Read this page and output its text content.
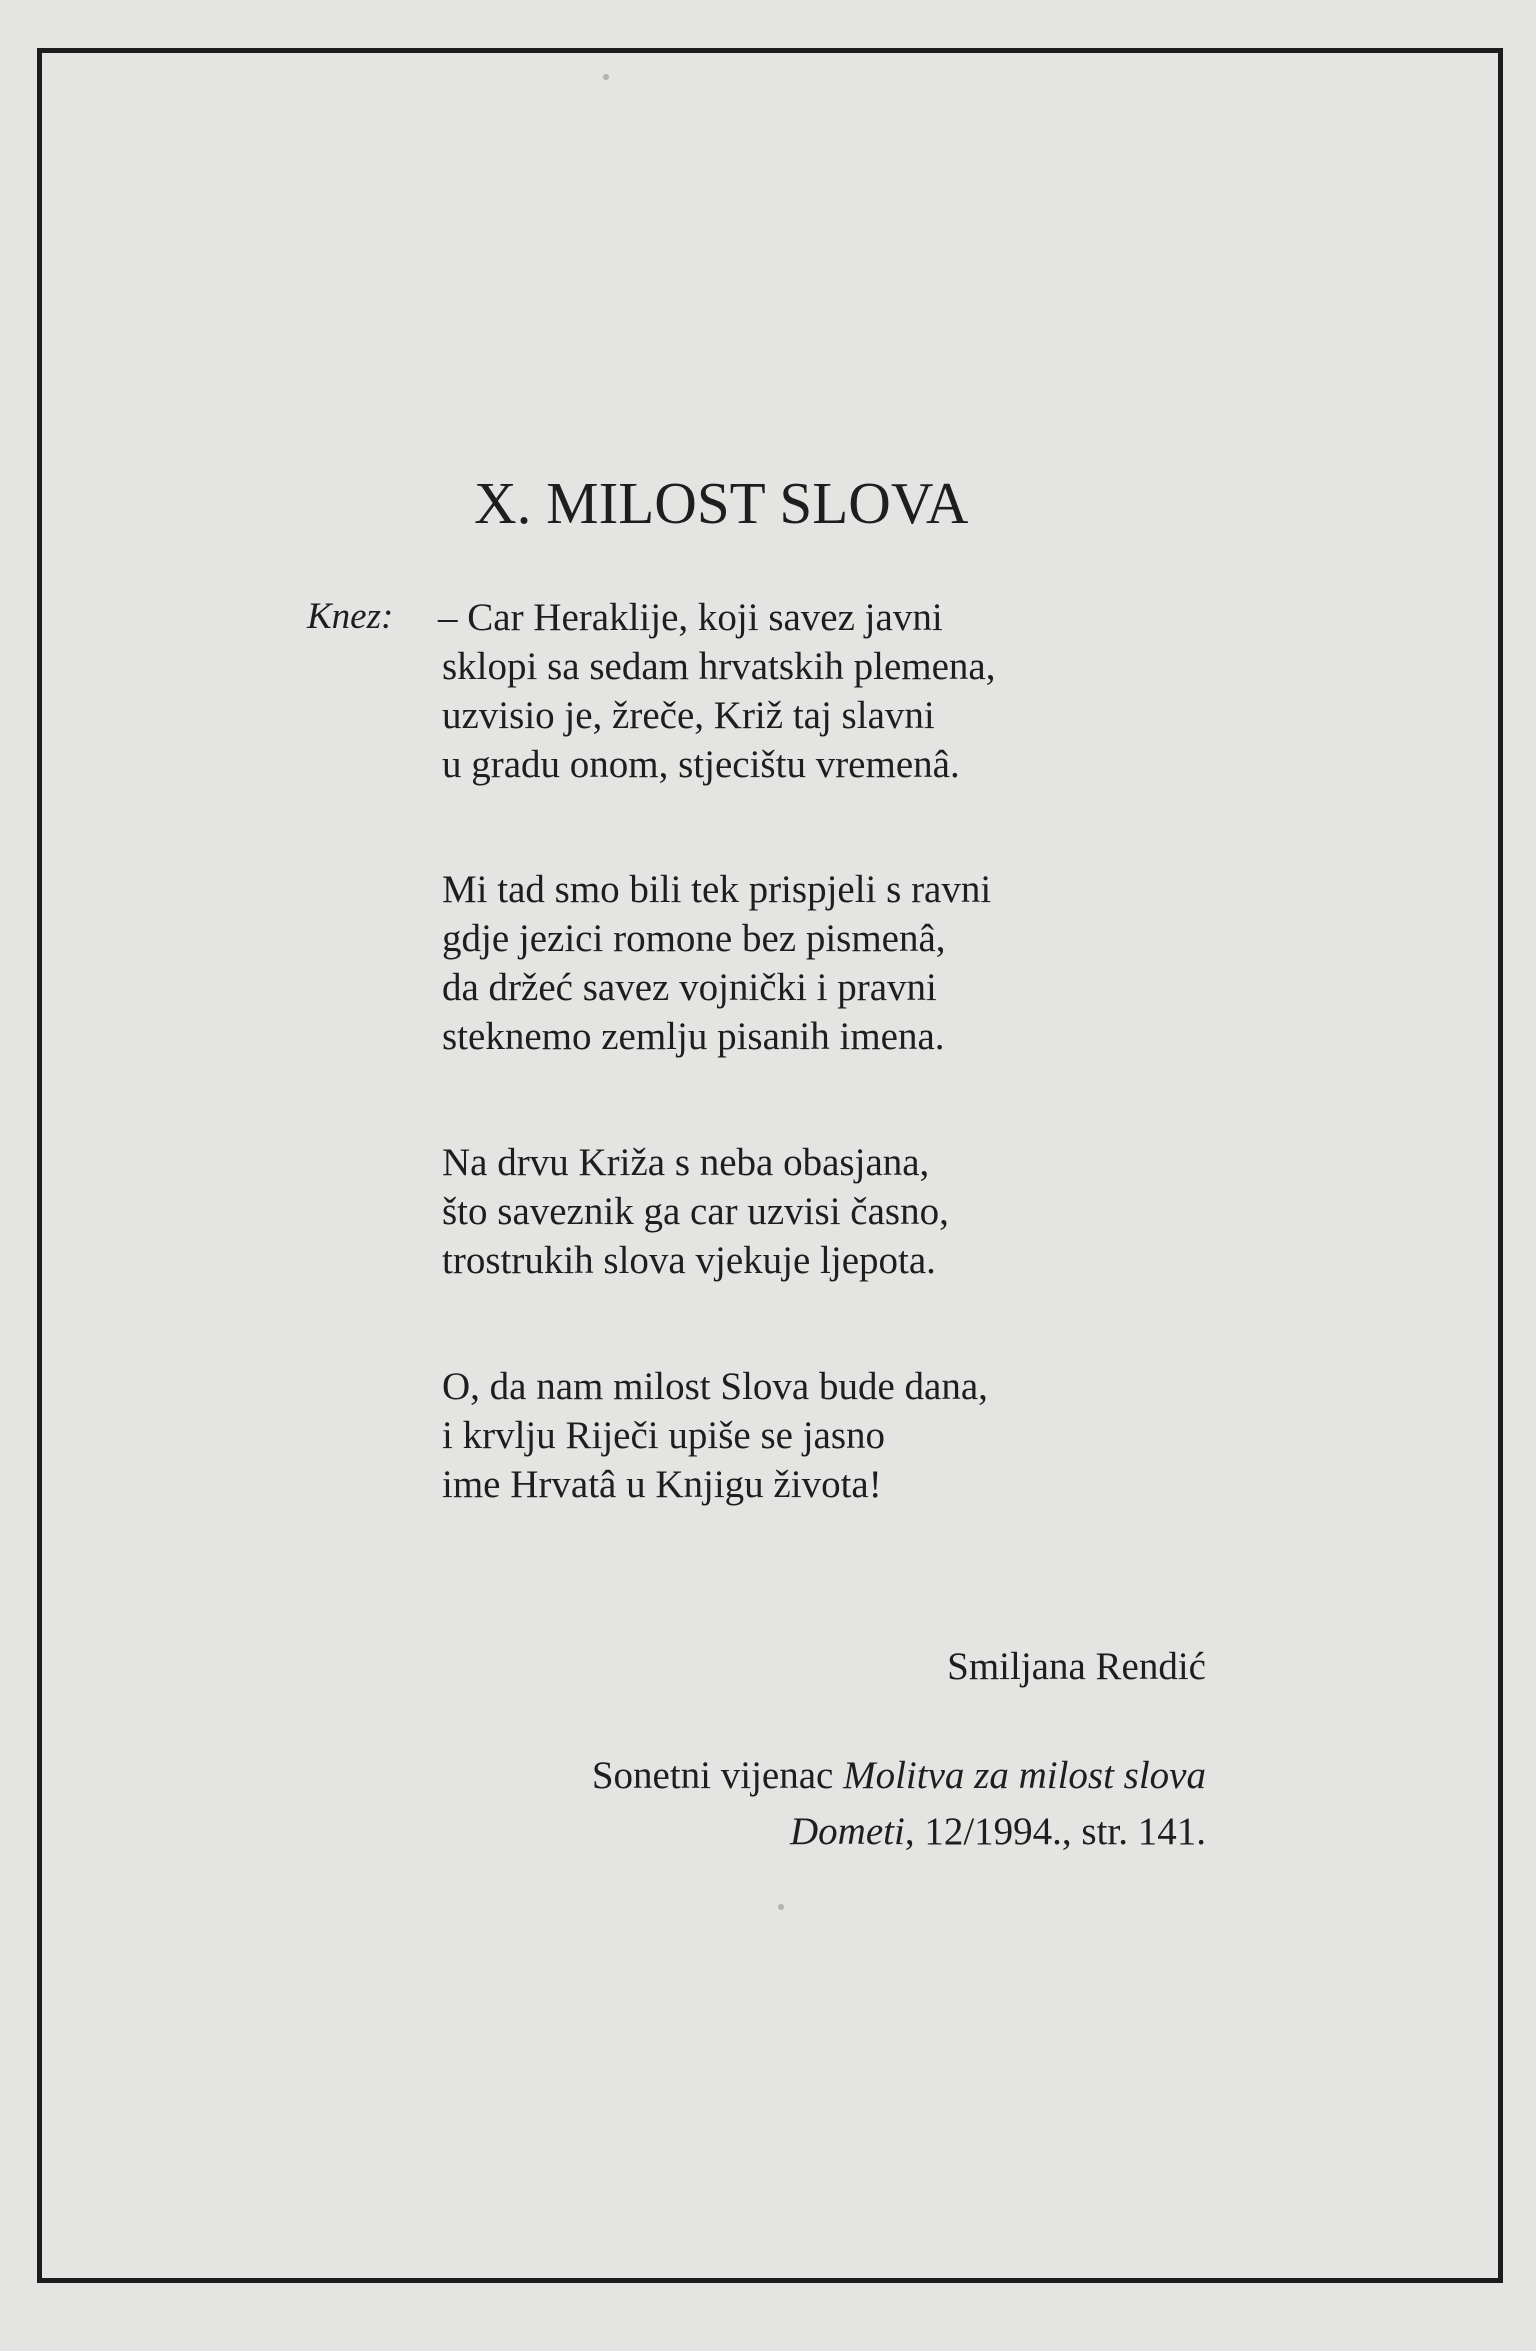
X. MILOST SLOVA
Knez: – Car Heraklije, koji savez javni
sklopi sa sedam hrvatskih plemena,
uzvisio je, žreče, Križ taj slavni
u gradu onom, stjecištu vremenâ.
Mi tad smo bili tek prispjeli s ravni
gdje jezici romone bez pismenâ,
da držeć savez vojnički i pravni
steknemo zemlju pisanih imena.
Na drvu Križa s neba obasjana,
što saveznik ga car uzvisi časno,
trostrukih slova vjekuje ljepota.
O, da nam milost Slova bude dana,
i krvlju Riječi upiše se jasno
ime Hrvatâ u Knjigu života!
Smiljana Rendić
Sonetni vijenac Molitva za milost slova
Dometi, 12/1994., str. 141.
